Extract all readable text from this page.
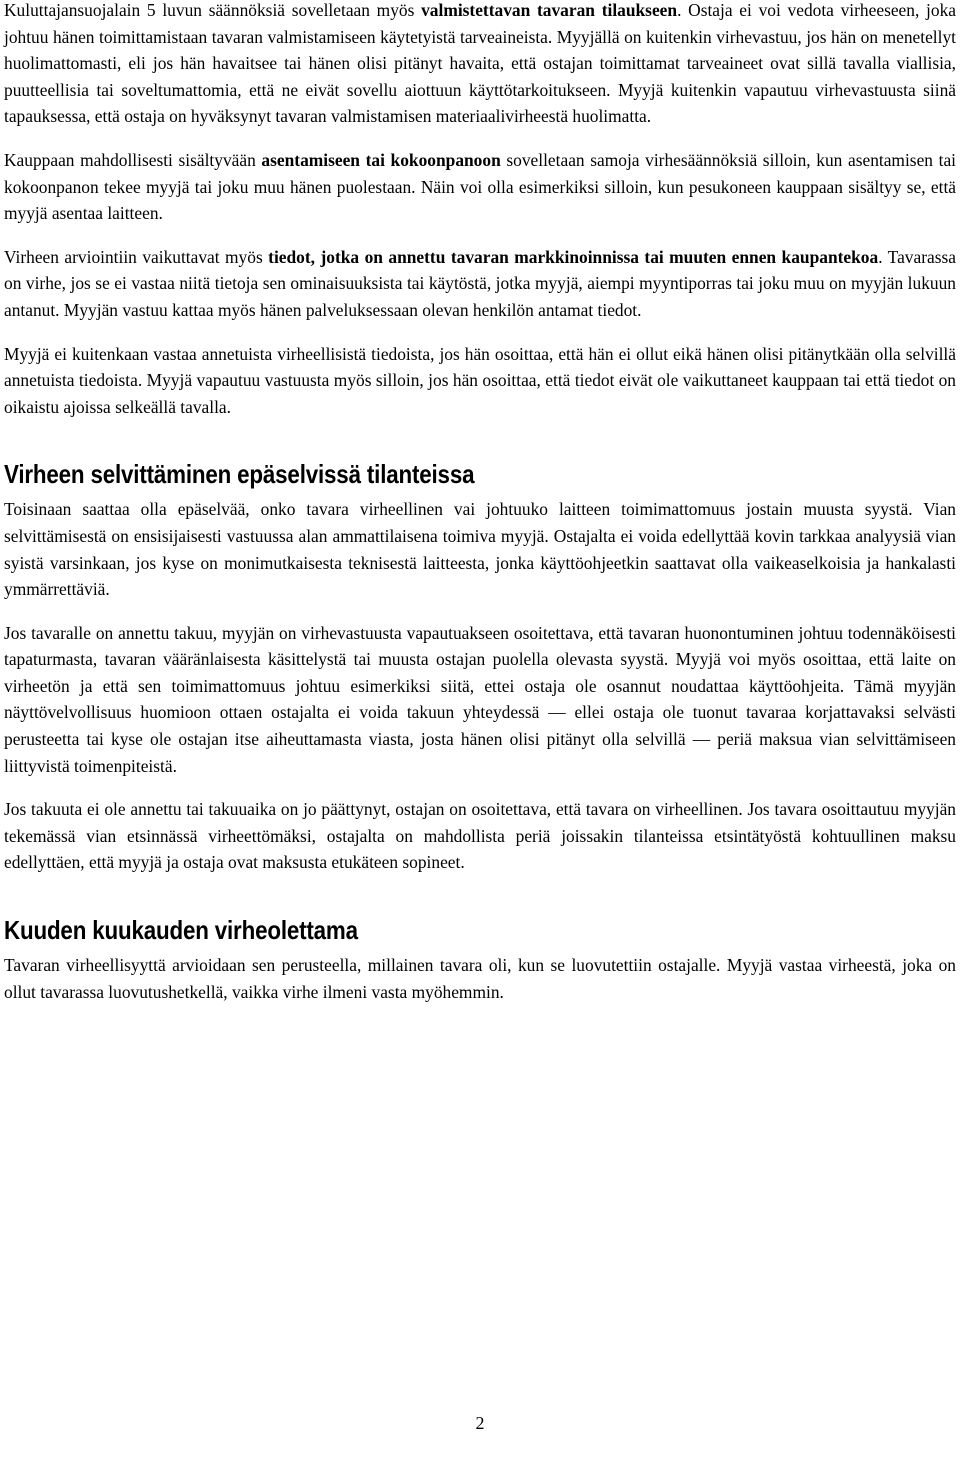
Kuluttajansuojalain 5 luvun säännöksiä sovelletaan myös valmistettavan tavaran tilaukseen. Ostaja ei voi vedota virheeseen, joka johtuu hänen toimittamistaan tavaran valmistamiseen käytetyistä tarveaineista. Myyjällä on kuitenkin virhevastuu, jos hän on menetellyt huolimattomasti, eli jos hän havaitsee tai hänen olisi pitänyt havaita, että ostajan toimittamat tarveaineet ovat sillä tavalla viallisia, puutteellisia tai soveltumattomia, että ne eivät sovellu aiottuun käyttötarkoitukseen. Myyjä kuitenkin vapautuu virhevastuusta siinä tapauksessa, että ostaja on hyväksynyt tavaran valmistamisen materiaalivirheestä huolimatta.

Kauppaan mahdollisesti sisältyvään asentamiseen tai kokoonpanoon sovelletaan samoja virhesäännöksiä silloin, kun asentamisen tai kokoonpanon tekee myyjä tai joku muu hänen puolestaan. Näin voi olla esimerkiksi silloin, kun pesukoneen kauppaan sisältyy se, että myyjä asentaa laitteen.

Virheen arviointiin vaikuttavat myös tiedot, jotka on annettu tavaran markkinoinnissa tai muuten ennen kaupantekoa. Tavarassa on virhe, jos se ei vastaa niitä tietoja sen ominaisuuksista tai käytöstä, jotka myyjä, aiempi myyntiporras tai joku muu on myyjän lukuun antanut. Myyjän vastuu kattaa myös hänen palveluksessaan olevan henkilön antamat tiedot.

Myyjä ei kuitenkaan vastaa annetuista virheellisistä tiedoista, jos hän osoittaa, että hän ei ollut eikä hänen olisi pitänytkään olla selvillä annetuista tiedoista. Myyjä vapautuu vastuusta myös silloin, jos hän osoittaa, että tiedot eivät ole vaikuttaneet kauppaan tai että tiedot on oikaistu ajoissa selkeällä tavalla.

Virheen selvittäminen epäselvissä tilanteissa

Toisinaan saattaa olla epäselvää, onko tavara virheellinen vai johtuuko laitteen toimimattomuus jostain muusta syystä. Vian selvittämisestä on ensisijaisesti vastuussa alan ammattilaisena toimiva myyjä. Ostajalta ei voida edellyttää kovin tarkkaa analyysiä vian syistä varsinkaan, jos kyse on monimutkaisesta teknisestä laitteesta, jonka käyttöohjeetkin saattavat olla vaikeaselkoisia ja hankalasti ymmärrettäviä.

Jos tavaralle on annettu takuu, myyjän on virhevastuusta vapautuakseen osoitettava, että tavaran huonontuminen johtuu todennäköisesti tapaturmasta, tavaran vääränlaisesta käsittelystä tai muusta ostajan puolella olevasta syystä. Myyjä voi myös osoittaa, että laite on virheetön ja että sen toimimattomuus johtuu esimerkiksi siitä, ettei ostaja ole osannut noudattaa käyttöohjeita. Tämä myyjän näyttövelvollisuus huomioon ottaen ostajalta ei voida takuun yhteydessä — ellei ostaja ole tuonut tavaraa korjattavaksi selvästi perusteetta tai kyse ole ostajan itse aiheuttamasta viasta, josta hänen olisi pitänyt olla selvillä — periä maksua vian selvittämiseen liittyvistä toimenpiteistä.

Jos takuuta ei ole annettu tai takuuaika on jo päättynyt, ostajan on osoitettava, että tavara on virheellinen. Jos tavara osoittautuu myyjän tekemässä vian etsinnässä virheettömäksi, ostajalta on mahdollista periä joissakin tilanteissa etsintätyöstä kohtuullinen maksu edellyttäen, että myyjä ja ostaja ovat maksusta etukäteen sopineet.

Kuuden kuukauden virheolettama

Tavaran virheellisyyttä arvioidaan sen perusteella, millainen tavara oli, kun se luovutettiin ostajalle. Myyjä vastaa virheestä, joka on ollut tavarassa luovutushetkellä, vaikka virhe ilmeni vasta myöhemmin.

2
